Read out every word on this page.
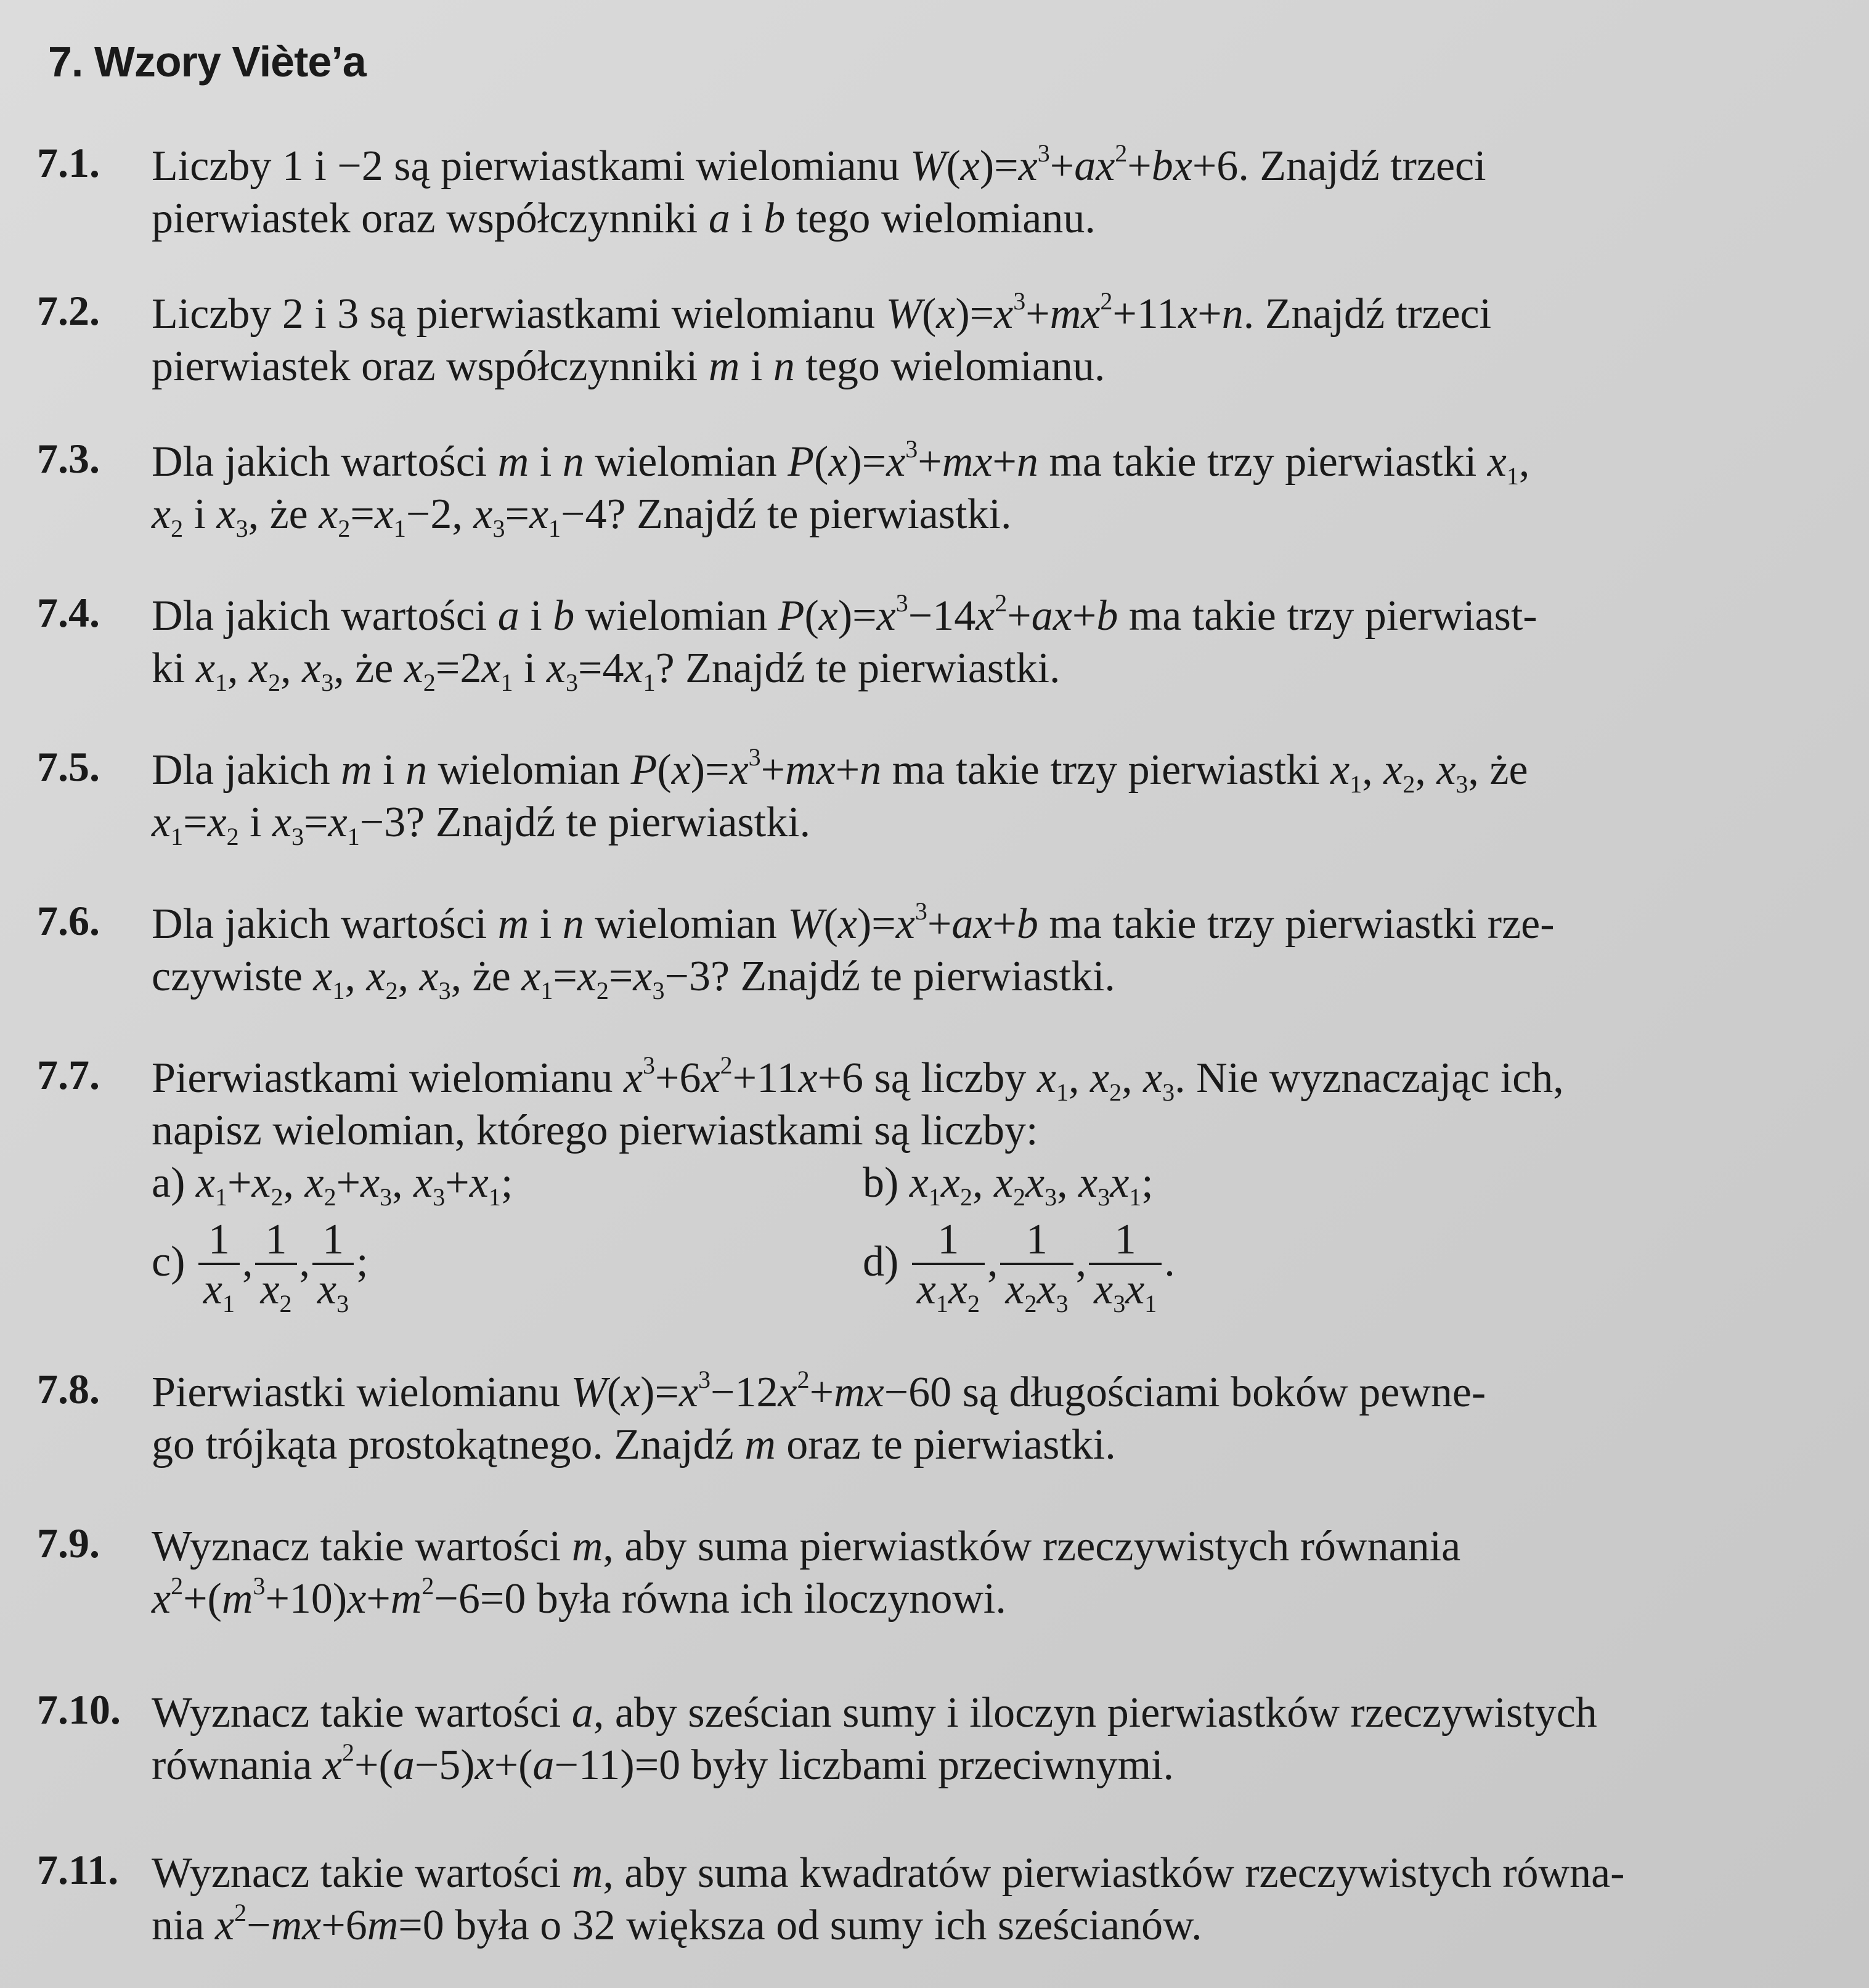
7. Wzory Viète’a
7.1. Liczby 1 i −2 są pierwiastkami wielomianu $W(x)=x^3+ax^2+bx+6$. Znajdź trzeci
pierwiastek oraz współczynniki a i b tego wielomianu.
7.2. Liczby 2 i 3 są pierwiastkami wielomianu $W(x)=x^3+mx^2+11x+n$. Znajdź trzeci
pierwiastek oraz współczynniki m i n tego wielomianu.
7.3. Dla jakich wartości m i n wielomian $P(x)=x^3+mx+n$ ma takie trzy pierwiastki $x_1$,
$x_2$ i $x_3$, że $x_2=x_1-2$, $x_3=x_1-4$? Znajdź te pierwiastki.
7.4. Dla jakich wartości a i b wielomian $P(x)=x^3-14x^2+ax+b$ ma takie trzy pierwiast-
ki $x_1$, $x_2$, $x_3$, że $x_2=2x_1$ i $x_3=4x_1$? Znajdź te pierwiastki.
7.5. Dla jakich m i n wielomian $P(x)=x^3+mx+n$ ma takie trzy pierwiastki $x_1$, $x_2$, $x_3$, że
$x_1=x_2$ i $x_3=x_1-3$? Znajdź te pierwiastki.
7.6. Dla jakich wartości m i n wielomian $W(x)=x^3+ax+b$ ma takie trzy pierwiastki rze-
czywiste $x_1$, $x_2$, $x_3$, że $x_1=x_2=x_3-3$? Znajdź te pierwiastki.
7.7. Pierwiastkami wielomianu $x^3+6x^2+11x+6$ są liczby $x_1$, $x_2$, $x_3$. Nie wyznaczając ich,
napisz wielomian, którego pierwiastkami są liczby:
a) $x_1+x_2$, $x_2+x_3$, $x_3+x_1$;	b) $x_1x_2$, $x_2x_3$, $x_3x_1$;
$c) \frac{1}{x_1}$ , $\frac{1}{x_2}$ , $\frac{1}{x_3}$ ;	$d) \frac{1}{x_1x_2}$ , $\frac{1}{x_2x_3}$ , $\frac{1}{x_3x_1}$ .
7.8. Pierwiastki wielomianu $W(x)=x^3-12x^2+mx-60$ są długościami boków pewne-
go trójkąta prostokątnego. Znajdź m oraz te pierwiastki.
7.9. Wyznacz takie wartości m, aby suma pierwiastków rzeczywistych równania
$x^2+(m^3+10)x+m^2-6=0$ była równa ich iloczynowi.
7.10. Wyznacz takie wartości a, aby sześcian sumy i iloczyn pierwiastków rzeczywistych
równania $x^2+(a-5)x+(a-11)=0$ były liczbami przeciwnymi.
7.11. Wyznacz takie wartości m, aby suma kwadratów pierwiastków rzeczywistych równa-
nia $x^2-mx+6m=0$ była o 32 większa od sumy ich sześcianów.
